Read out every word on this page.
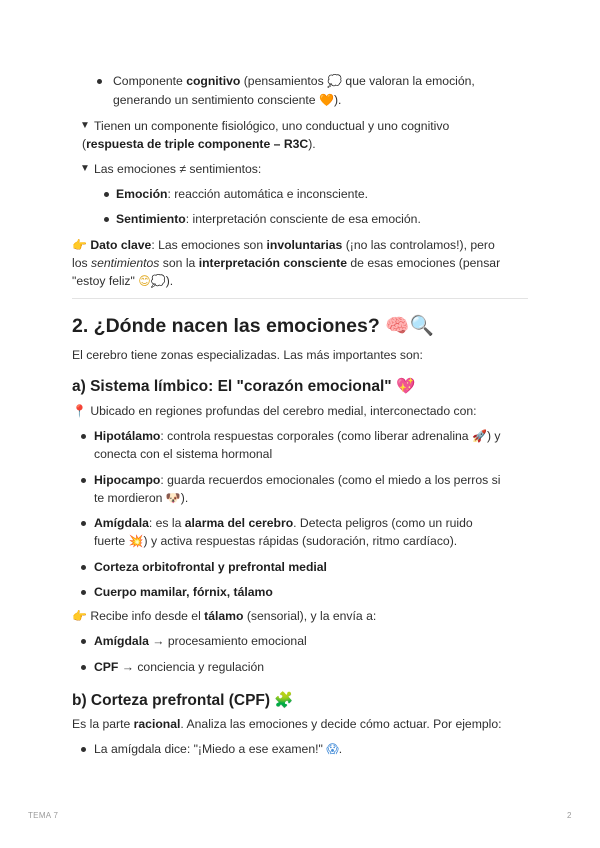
Componente cognitivo (pensamientos 💭 que valoran la emoción,
generando un sentimiento consciente 🧡).
▼ Tienen un componente fisiológico, uno conductual y uno cognitivo
(respuesta de triple componente – R3C).
▼ Las emociones ≠ sentimientos:
Emoción: reacción automática e inconsciente.
Sentimiento: interpretación consciente de esa emoción.
👉 Dato clave: Las emociones son involuntarias (¡no las controlamos!), pero
los sentimientos son la interpretación consciente de esas emociones (pensar
"estoy feliz" 😊💭).
2. ¿Dónde nacen las emociones? 🧠🔍
El cerebro tiene zonas especializadas. Las más importantes son:
a) Sistema límbico: El "corazón emocional" 💖
📍 Ubicado en regiones profundas del cerebro medial, interconectado con:
Hipotálamo: controla respuestas corporales (como liberar adrenalina 🚀) y
conecta con el sistema hormonal
Hipocampo: guarda recuerdos emocionales (como el miedo a los perros si
te mordieron 🐶).
Amígdala: es la alarma del cerebro. Detecta peligros (como un ruido
fuerte 💥) y activa respuestas rápidas (sudoración, ritmo cardíaco).
Corteza orbitofrontal y prefrontal medial
Cuerpo mamilar, fórnix, tálamo
👉 Recibe info desde el tálamo (sensorial), y la envía a:
Amígdala → procesamiento emocional
CPF → conciencia y regulación
b) Corteza prefrontal (CPF) 🧩
Es la parte racional. Analiza las emociones y decide cómo actuar. Por ejemplo:
La amígdala dice: "¡Miedo a ese examen!" 😱.
TEMA 7	2
